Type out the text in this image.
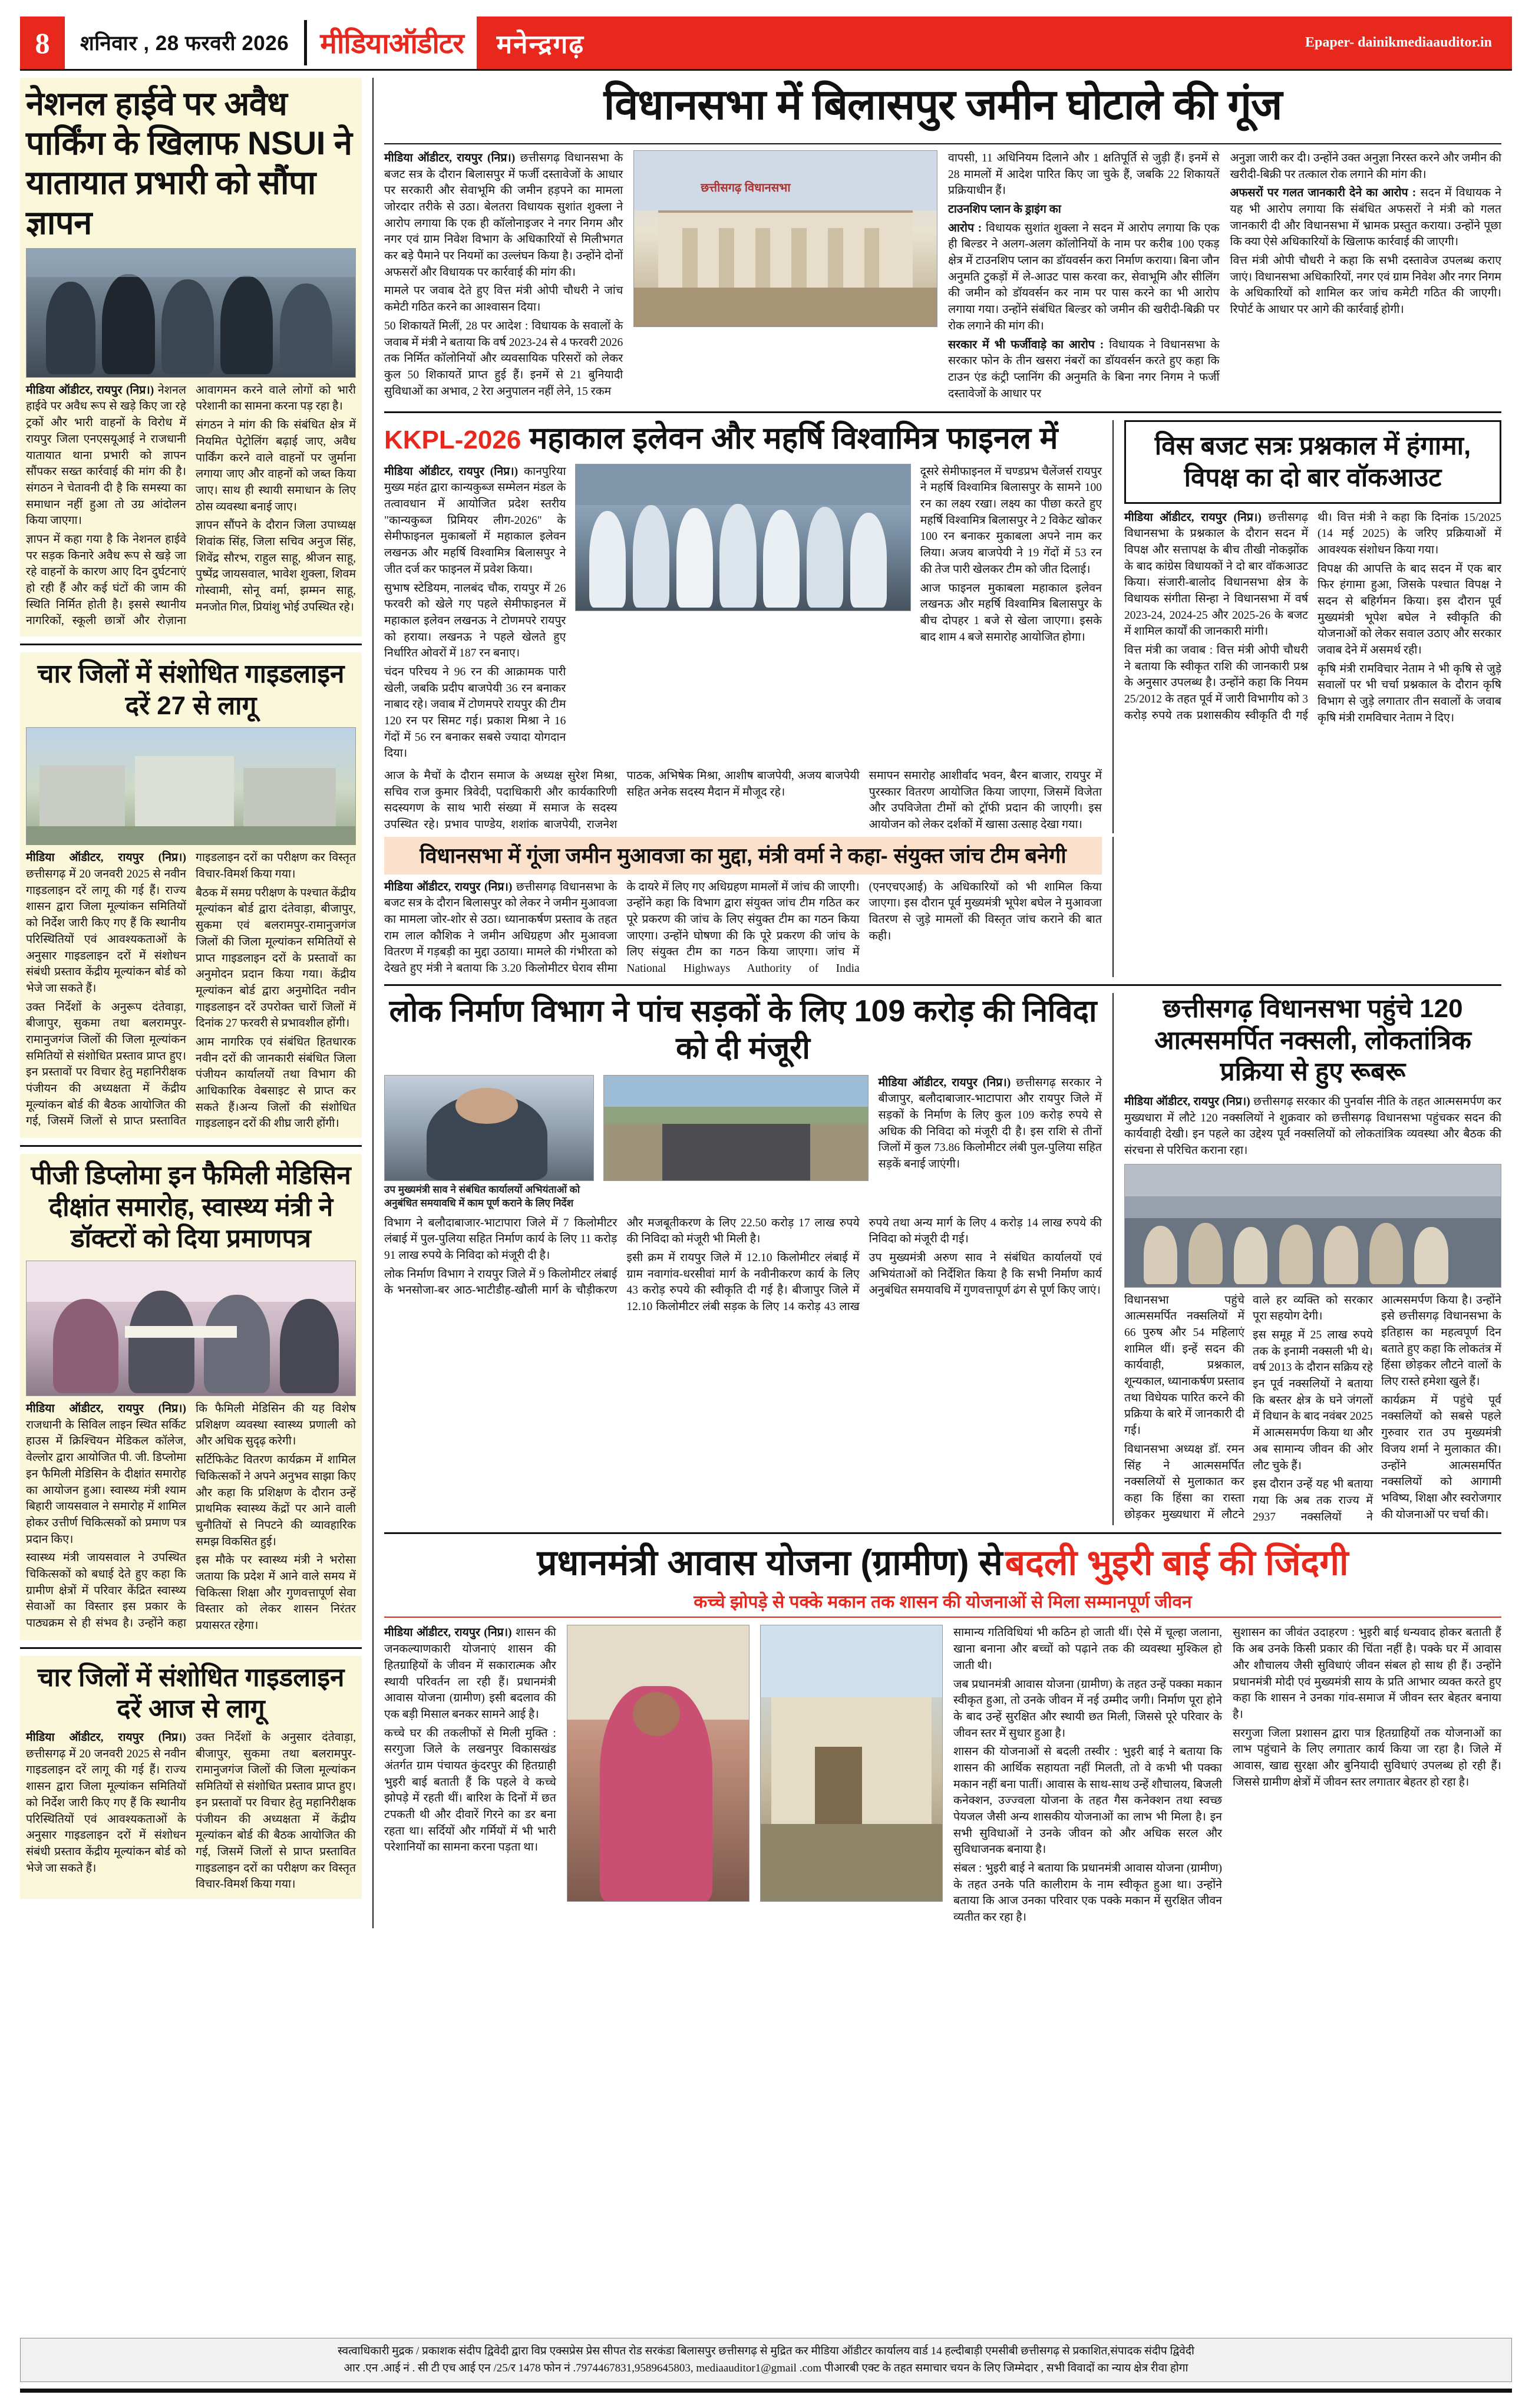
8	शनिवार , 28 फरवरी 2026	मीडियाऑडीटर	मनेन्द्रगढ़	Epaper- dainikmediaauditor.in
नेशनल हाईवे पर अवैध पार्किंग के खिलाफ NSUI ने यातायात प्रभारी को सौंपा ज्ञापन

मीडिया ऑडीटर, रायपुर (निप्र।) नेशनल हाईवे पर अवैध रूप से खड़े किए जा रहे ट्रकों और भारी वाहनों के विरोध में रायपुर जिला एनएसयूआई ने राजधानी यातायात थाना प्रभारी को ज्ञापन सौंपकर सख्त कार्रवाई की मांग की है। संगठन ने चेतावनी दी है कि समस्या का समाधान नहीं हुआ तो उग्र आंदोलन किया जाएगा।

ज्ञापन में कहा गया है कि नेशनल हाईवे पर सड़क किनारे अवैध रूप से खड़े जा रहे वाहनों के कारण आए दिन दुर्घटनाएं हो रही हैं और कई घंटों की जाम की स्थिति निर्मित होती है। इससे स्थानीय नागरिकों, स्कूली छात्रों और रोज़ाना आवागमन करने वाले लोगों को भारी परेशानी का सामना करना पड़ रहा है।

संगठन ने मांग की कि संबंधित क्षेत्र में नियमित पेट्रोलिंग बढ़ाई जाए, अवैध पार्किंग करने वाले वाहनों पर जुर्माना लगाया जाए और वाहनों को जब्त किया जाए। साथ ही स्थायी समाधान के लिए ठोस व्यवस्था बनाई जाए।

ज्ञापन सौंपने के दौरान जिला उपाध्यक्ष शिवांक सिंह, जिला सचिव अनुज सिंह, शिवेंद्र सौरभ, राहुल साहू, श्रीजन साहू, पुष्पेंद्र जायसवाल, भावेश शुक्ला, शिवम गोस्वामी, सोनू वर्मा, झम्मन साहू, मनजोत गिल, प्रियांशु भोई उपस्थित रहे।

चार जिलों में संशोधित गाइडलाइन दरें 27 से लागू

मीडिया ऑडीटर, रायपुर (निप्र।) छत्तीसगढ़ में 20 जनवरी 2025 से नवीन गाइडलाइन दरें लागू की गई हैं। राज्य शासन द्वारा जिला मूल्यांकन समितियों को निर्देश जारी किए गए हैं कि स्थानीय परिस्थितियों एवं आवश्यकताओं के अनुसार गाइडलाइन दरों में संशोधन संबंधी प्रस्ताव केंद्रीय मूल्यांकन बोर्ड को भेजे जा सकते हैं।

उक्त निर्देशों के अनुरूप दंतेवाड़ा, बीजापुर, सुकमा तथा बलरामपुर-रामानुजगंज जिलों की जिला मूल्यांकन समितियों से संशोधित प्रस्ताव प्राप्त हुए। इन प्रस्तावों पर विचार हेतु महानिरीक्षक पंजीयन की अध्यक्षता में केंद्रीय मूल्यांकन बोर्ड की बैठक आयोजित की गई, जिसमें जिलों से प्राप्त प्रस्तावित गाइडलाइन दरों का परीक्षण कर विस्तृत विचार-विमर्श किया गया।

बैठक में समग्र परीक्षण के पश्चात केंद्रीय मूल्यांकन बोर्ड द्वारा दंतेवाड़ा, बीजापुर, सुकमा एवं बलरामपुर-रामानुजगंज जिलों की जिला मूल्यांकन समितियों से प्राप्त गाइडलाइन दरों के प्रस्तावों का अनुमोदन प्रदान किया गया। केंद्रीय मूल्यांकन बोर्ड द्वारा अनुमोदित नवीन गाइडलाइन दरें उपरोक्त चारों जिलों में दिनांक 27 फरवरी से प्रभावशील होंगी।

आम नागरिक एवं संबंधित हितधारक नवीन दरों की जानकारी संबंधित जिला पंजीयन कार्यालयों तथा विभाग की आधिकारिक वेबसाइट से प्राप्त कर सकते हैं।अन्य जिलों की संशोधित गाइडलाइन दरों की शीघ्र जारी होंगी।

पीजी डिप्लोमा इन फैमिली मेडिसिन दीक्षांत समारोह, स्वास्थ्य मंत्री ने डॉक्टरों को दिया प्रमाणपत्र

मीडिया ऑडीटर, रायपुर (निप्र।) राजधानी के सिविल लाइन स्थित सर्किट हाउस में क्रिश्चियन मेडिकल कॉलेज, वेल्लोर द्वारा आयोजित पी. जी. डिप्लोमा इन फैमिली मेडिसिन के दीक्षांत समारोह का आयोजन हुआ। स्वास्थ्य मंत्री श्याम बिहारी जायसवाल ने समारोह में शामिल होकर उत्तीर्ण चिकित्सकों को प्रमाण पत्र प्रदान किए।

स्वास्थ्य मंत्री जायसवाल ने उपस्थित चिकित्सकों को बधाई देते हुए कहा कि ग्रामीण क्षेत्रों में परिवार केंद्रित स्वास्थ्य सेवाओं का विस्तार इस प्रकार के पाठ्यक्रम से ही संभव है। उन्होंने कहा कि फैमिली मेडिसिन की यह विशेष प्रशिक्षण व्यवस्था स्वास्थ्य प्रणाली को और अधिक सुदृढ़ करेगी।

सर्टिफिकेट वितरण कार्यक्रम में शामिल चिकित्सकों ने अपने अनुभव साझा किए और कहा कि प्रशिक्षण के दौरान उन्हें प्राथमिक स्वास्थ्य केंद्रों पर आने वाली चुनौतियों से निपटने की व्यावहारिक समझ विकसित हुई।

इस मौके पर स्वास्थ्य मंत्री ने भरोसा जताया कि प्रदेश में आने वाले समय में चिकित्सा शिक्षा और गुणवत्तापूर्ण सेवा विस्तार को लेकर शासन निरंतर प्रयासरत रहेगा।

चार जिलों में संशोधित गाइडलाइन दरें आज से लागू

मीडिया ऑडीटर, रायपुर (निप्र।) छत्तीसगढ़ में 20 जनवरी 2025 से नवीन गाइडलाइन दरें लागू की गई हैं। राज्य शासन द्वारा जिला मूल्यांकन समितियों को निर्देश जारी किए गए हैं कि स्थानीय परिस्थितियों एवं आवश्यकताओं के अनुसार गाइडलाइन दरों में संशोधन संबंधी प्रस्ताव केंद्रीय मूल्यांकन बोर्ड को भेजे जा सकते हैं।

उक्त निर्देशों के अनुसार दंतेवाड़ा, बीजापुर, सुकमा तथा बलरामपुर-रामानुजगंज जिलों की जिला मूल्यांकन समितियों से संशोधित प्रस्ताव प्राप्त हुए। इन प्रस्तावों पर विचार हेतु महानिरीक्षक पंजीयन की अध्यक्षता में केंद्रीय मूल्यांकन बोर्ड की बैठक आयोजित की गई, जिसमें जिलों से प्राप्त प्रस्तावित गाइडलाइन दरों का परीक्षण कर विस्तृत विचार-विमर्श किया गया।

विधानसभा में बिलासपुर जमीन घोटाले की गूंज

मीडिया ऑडीटर, रायपुर (निप्र।) छत्तीसगढ़ विधानसभा के बजट सत्र के दौरान बिलासपुर में फर्जी दस्तावेजों के आधार पर सरकारी और सेवाभूमि की जमीन हड़पने का मामला जोरदार तरीके से उठा। बेलतरा विधायक सुशांत शुक्ला ने आरोप लगाया कि एक ही कॉलोनाइजर ने नगर निगम और नगर एवं ग्राम निवेश विभाग के अधिकारियों से मिलीभगत कर बड़े पैमाने पर नियमों का उल्लंघन किया है। उन्होंने दोनों अफसरों और विधायक पर कार्रवाई की मांग की।

मामले पर जवाब देते हुए वित्त मंत्री ओपी चौधरी ने जांच कमेटी गठित करने का आश्वासन दिया।

50 शिकायतें मिलीं, 28 पर आदेश : विधायक के सवालों के जवाब में मंत्री ने बताया कि वर्ष 2023-24 से 4 फरवरी 2026 तक निर्मित कॉलोनियों और व्यवसायिक परिसरों को लेकर कुल 50 शिकायतें प्राप्त हुई हैं। इनमें से 21 बुनियादी सुविधाओं का अभाव, 2 रेरा अनुपालन नहीं लेने, 15 रकम

छत्तीसगढ़ विधानसभा

वापसी, 11 अधिनियम दिलाने और 1 क्षतिपूर्ति से जुड़ी हैं। इनमें से 28 मामलों में आदेश पारित किए जा चुके हैं, जबकि 22 शिकायतें प्रक्रियाधीन हैं।

टाउनशिप प्लान के ड्राइंग का

आरोप : विधायक सुशांत शुक्ला ने सदन में आरोप लगाया कि एक ही बिल्डर ने अलग-अलग कॉलोनियों के नाम पर करीब 100 एकड़ क्षेत्र में टाउनशिप प्लान का डॉयवर्सन करा निर्माण कराया। बिना जौन अनुमति टुकड़ों में लेे-आउट पास करवा कर, सेवाभूमि और सीलिंग की जमीन को डॉयवर्सन कर नाम पर पास करने का भी आरोप लगाया गया। उन्होंने संबंधित बिल्डर को जमीन की खरीदी-बिक्री पर रोक लगाने की मांग की।

सरकार में भी फर्जीवाड़े का आरोप : विधायक ने विधानसभा के सरकार फोन के तीन खसरा नंबरों का डॉयवर्सन करते हुए कहा कि टाउन एंड कंट्री प्लानिंग की अनुमति के बिना नगर निगम ने फर्जी दस्तावेजों के आधार पर

अनुज्ञा जारी कर दी। उन्होंने उक्त अनुज्ञा निरस्त करने और जमीन की खरीदी-बिक्री पर तत्काल रोक लगाने की मांग की।

अफसरों पर गलत जानकारी देने का आरोप : सदन में विधायक ने यह भी आरोप लगाया कि संबंधित अफसरों ने मंत्री को गलत जानकारी दी और विधानसभा में भ्रामक प्रस्तुत कराया। उन्होंने पूछा कि क्या ऐसे अधिकारियों के खिलाफ कार्रवाई की जाएगी।

वित्त मंत्री ओपी चौधरी ने कहा कि सभी दस्तावेज उपलब्ध कराए जाएं। विधानसभा अधिकारियों, नगर एवं ग्राम निवेश और नगर निगम के अधिकारियों को शामिल कर जांच कमेटी गठित की जाएगी। रिपोर्ट के आधार पर आगे की कार्रवाई होगी।

KKPL-2026 महाकाल इलेवन और महर्षि विश्वामित्र फाइनल में

मीडिया ऑडीटर, रायपुर (निप्र।) कानपुरिया मुख्य महंत द्वारा कान्यकुब्ज सम्मेलन मंडल के तत्वावधान में आयोजित प्रदेश स्तरीय "कान्यकुब्ज प्रिमियर लीग-2026" के सेमीफाइनल मुकाबलों में महाकाल इलेवन लखनऊ और महर्षि विश्वामित्र बिलासपुर ने जीत दर्ज कर फाइनल में प्रवेश किया।

सुभाष स्टेडियम, नालबंद चौक, रायपुर में 26 फरवरी को खेले गए पहले सेमीफाइनल में महाकाल इलेवन लखनऊ ने टोणमपरे रायपुर को हराया। लखनऊ ने पहले खेलते हुए निर्धारित ओवरों में 187 रन बनाए।

चंदन परिचय ने 96 रन की आक्रामक पारी खेली, जबकि प्रदीप बाजपेयी 36 रन बनाकर नाबाद रहे। जवाब में टोणमपरे रायपुर की टीम 120 रन पर सिमट गई। प्रकाश मिश्रा ने 16 गेंदों में 56 रन बनाकर सबसे ज्यादा योगदान दिया।

दूसरे सेमीफाइनल में चण्डप्रभ चैलेंजर्स रायपुर ने महर्षि विश्वामित्र बिलासपुर के सामने 100 रन का लक्ष्य रखा। लक्ष्य का पीछा करते हुए महर्षि विश्वामित्र बिलासपुर ने 2 विकेट खोकर 100 रन बनाकर मुकाबला अपने नाम कर लिया। अजय बाजपेयी ने 19 गेंदों में 53 रन की तेज पारी खेलकर टीम को जीत दिलाई।

आज फाइनल मुकाबला महाकाल इलेवन लखनऊ और महर्षि विश्वामित्र बिलासपुर के बीच दोपहर 1 बजे से खेला जाएगा। इसके बाद शाम 4 बजे समारोह आयोजित होगा।

आज के मैचों के दौरान समाज के अध्यक्ष सुरेश मिश्रा, सचिव राज कुमार त्रिवेदी, पदाधिकारी और कार्यकारिणी सदस्यगण के साथ भारी संख्या में समाज के सदस्य उपस्थित रहे। प्रभाव पाण्डेय, शशांक बाजपेयी, राजनेश पाठक, अभिषेक मिश्रा, आशीष बाजपेयी, अजय बाजपेयी सहित अनेक सदस्य मैदान में मौजूद रहे।

समापन समारोह आशीर्वाद भवन, बैरन बाजार, रायपुर में पुरस्कार वितरण आयोजित किया जाएगा, जिसमें विजेता और उपविजेता टीमों को ट्रॉफी प्रदान की जाएगी। इस आयोजन को लेकर दर्शकों में खासा उत्साह देखा गया।

विस बजट सत्रः प्रश्नकाल में हंगामा, विपक्ष का दो बार वॉकआउट

मीडिया ऑडीटर, रायपुर (निप्र।) छत्तीसगढ़ विधानसभा के प्रश्नकाल के दौरान सदन में विपक्ष और सत्तापक्ष के बीच तीखी नोकझोंक के बाद कांग्रेस विधायकों ने दो बार वॉकआउट किया। संजारी-बालोद विधानसभा क्षेत्र के विधायक संगीता सिन्हा ने विधानसभा में वर्ष 2023-24, 2024-25 और 2025-26 के बजट में शामिल कार्यों की जानकारी मांगी।

वित्त मंत्री का जवाब : वित्त मंत्री ओपी चौधरी ने बताया कि स्वीकृत राशि की जानकारी प्रश्न के अनुसार उपलब्ध है। उन्होंने कहा कि नियम 25/2012 के तहत पूर्व में जारी विभागीय को 3 करोड़ रुपये तक प्रशासकीय स्वीकृति दी गई थी। वित्त मंत्री ने कहा कि दिनांक 15/2025 (14 मई 2025) के जरिए प्रक्रियाओं में आवश्यक संशोधन किया गया।

विपक्ष की आपत्ति के बाद सदन में एक बार फिर हंगामा हुआ, जिसके पश्चात विपक्ष ने सदन से बहिर्गमन किया। इस दौरान पूर्व मुख्यमंत्री भूपेश बघेल ने स्वीकृति की योजनाओं को लेकर सवाल उठाए और सरकार जवाब देने में असमर्थ रही।

कृषि मंत्री रामविचार नेताम ने भी कृषि से जुड़े सवालों पर भी चर्चा प्रश्नकाल के दौरान कृषि विभाग से जुड़े लगातार तीन सवालों के जवाब कृषि मंत्री रामविचार नेताम ने दिए।

विधानसभा में गूंजा जमीन मुआवजा का मुद्दा, मंत्री वर्मा ने कहा- संयुक्त जांच टीम बनेगी

मीडिया ऑडीटर, रायपुर (निप्र।) छत्तीसगढ़ विधानसभा के बजट सत्र के दौरान बिलासपुर को लेकर ने जमीन मुआवजा का मामला जोर-शोर से उठा। ध्यानाकर्षण प्रस्ताव के तहत राम लाल कौशिक ने जमीन अधिग्रहण और मुआवजा वितरण में गड़बड़ी का मुद्दा उठाया। मामले की गंभीरता को देखते हुए मंत्री ने बताया कि 3.20 किलोमीटर घेराव सीमा के दायरे में लिए गए अधिग्रहण मामलों में जांच की जाएगी। उन्होंने कहा कि विभाग द्वारा संयुक्त जांच टीम गठित कर पूरे प्रकरण की जांच के लिए संयुक्त टीम का गठन किया जाएगा। उन्होंने घोषणा की कि पूरे प्रकरण की जांच के लिए संयुक्त टीम का गठन किया जाएगा। जांच में National Highways Authority of India (एनएचएआई) के अधिकारियों को भी शामिल किया जाएगा। इस दौरान पूर्व मुख्यमंत्री भूपेश बघेल ने मुआवजा वितरण से जुड़े मामलों की विस्तृत जांच कराने की बात कही।

लोक निर्माण विभाग ने पांच सड़कों के लिए 109 करोड़ की निविदा को दी मंजूरी
उप मुख्यमंत्री साव ने संबंधित कार्यालयों अभियंताओं को अनुबंधित समयावधि में काम पूर्ण कराने के लिए निर्देश

मीडिया ऑडीटर, रायपुर (निप्र।) छत्तीसगढ़ सरकार ने बीजापुर, बलौदाबाजार-भाटापारा और रायपुर जिले में सड़कों के निर्माण के लिए कुल 109 करोड़ रुपये से अधिक की निविदा को मंजूरी दी है। इस राशि से तीनों जिलों में कुल 73.86 किलोमीटर लंबी पुल-पुलिया सहित सड़कें बनाई जाएंगी।

विभाग ने बलौदाबाजार-भाटापारा जिले में 7 किलोमीटर लंबाई में पुल-पुलिया सहित निर्माण कार्य के लिए 11 करोड़ 91 लाख रुपये के निविदा को मंजूरी दी है।

लोक निर्माण विभाग ने रायपुर जिले में 9 किलोमीटर लंबाई के भनसोजा-बर आठ-भाटीडीह-खौली मार्ग के चौड़ीकरण और मजबूतीकरण के लिए 22.50 करोड़ 17 लाख रुपये की निविदा को मंजूरी भी मिली है।

इसी क्रम में रायपुर जिले में 12.10 किलोमीटर लंबाई में ग्राम नवागांव-धरसीवां मार्ग के नवीनीकरण कार्य के लिए 43 करोड़ रुपये की स्वीकृति दी गई है। बीजापुर जिले में 12.10 किलोमीटर लंबी सड़क के लिए 14 करोड़ 43 लाख रुपये तथा अन्य मार्ग के लिए 4 करोड़ 14 लाख रुपये की निविदा को मंजूरी दी गई।

उप मुख्यमंत्री अरुण साव ने संबंधित कार्यालयों एवं अभियंताओं को निर्देशित किया है कि सभी निर्माण कार्य अनुबंधित समयावधि में गुणवत्तापूर्ण ढंग से पूर्ण किए जाएं।

छत्तीसगढ़ विधानसभा पहुंचे 120 आत्मसमर्पित नक्सली, लोकतांत्रिक प्रक्रिया से हुए रूबरू

मीडिया ऑडीटर, रायपुर (निप्र।) छत्तीसगढ़ सरकार की पुनर्वास नीति के तहत आत्मसमर्पण कर मुख्यधारा में लौटे 120 नक्सलियों ने शुक्रवार को छत्तीसगढ़ विधानसभा पहुंचकर सदन की कार्यवाही देखी। इन पहले का उद्देश्य पूर्व नक्सलियों को लोकतांत्रिक व्यवस्था और बैठक की संरचना से परिचित कराना रहा।

विधानसभा पहुंचे आत्मसमर्पित नक्सलियों में 66 पुरुष और 54 महिलाएं शामिल थीं। इन्हें सदन की कार्यवाही, प्रश्नकाल, शून्यकाल, ध्यानाकर्षण प्रस्ताव तथा विधेयक पारित करने की प्रक्रिया के बारे में जानकारी दी गई।

विधानसभा अध्यक्ष डॉ. रमन सिंह ने आत्मसमर्पित नक्सलियों से मुलाकात कर कहा कि हिंसा का रास्ता छोड़कर मुख्यधारा में लौटने वाले हर व्यक्ति को सरकार पूरा सहयोग देगी।

इस समूह में 25 लाख रुपये तक के इनामी नक्सली भी थे। वर्ष 2013 के दौरान सक्रिय रहे इन पूर्व नक्सलियों ने बताया कि बस्तर क्षेत्र के घने जंगलों में विधान के बाद नवंबर 2025 में आत्मसमर्पण किया था और अब सामान्य जीवन की ओर लौट चुके हैं।

इस दौरान उन्हें यह भी बताया गया कि अब तक राज्य में 2937 नक्सलियों ने आत्मसमर्पण किया है। उन्होंने इसे छत्तीसगढ़ विधानसभा के इतिहास का महत्वपूर्ण दिन बताते हुए कहा कि लोकतंत्र में हिंसा छोड़कर लौटने वालों के लिए रास्ते हमेशा खुले हैं।

कार्यक्रम में पहुंचे पूर्व नक्सलियों को सबसे पहले गुरुवार रात उप मुख्यमंत्री विजय शर्मा ने मुलाकात की। उन्होंने आत्मसमर्पित नक्सलियों को आगामी भविष्य, शिक्षा और स्वरोजगार की योजनाओं पर चर्चा की।

प्रधानमंत्री आवास योजना (ग्रामीण) से बदली भुइरी बाई की जिंदगी
कच्चे झोपड़े से पक्के मकान तक शासन की योजनाओं से मिला सम्मानपूर्ण जीवन

मीडिया ऑडीटर, रायपुर (निप्र।) शासन की जनकल्याणकारी योजनाएं शासन की हितग्राहियों के जीवन में सकारात्मक और स्थायी परिवर्तन ला रही हैं। प्रधानमंत्री आवास योजना (ग्रामीण) इसी बदलाव की एक बड़ी मिसाल बनकर सामने आई है।

कच्चे घर की तकलीफों से मिली मुक्ति : सरगुजा जिले के लखनपुर विकासखंड अंतर्गत ग्राम पंचायत कुंदरपुर की हितग्राही भुइरी बाई बताती हैं कि पहले वे कच्चे झोपड़े में रहती थीं। बारिश के दिनों में छत टपकती थी और दीवारें गिरने का डर बना रहता था। सर्दियों और गर्मियों में भी भारी परेशानियों का सामना करना पड़ता था।

सामान्य गतिविधियां भी कठिन हो जाती थीं। ऐसे में चूल्हा जलाना, खाना बनाना और बच्चों को पढ़ाने तक की व्यवस्था मुश्किल हो जाती थी।

जब प्रधानमंत्री आवास योजना (ग्रामीण) के तहत उन्हें पक्का मकान स्वीकृत हुआ, तो उनके जीवन में नई उम्मीद जगी। निर्माण पूरा होने के बाद उन्हें सुरक्षित और स्थायी छत मिली, जिससे पूरे परिवार के जीवन स्तर में सुधार हुआ है।

शासन की योजनाओं से बदली तस्वीर : भुइरी बाई ने बताया कि शासन की आर्थिक सहायता नहीं मिलती, तो वे कभी भी पक्का मकान नहीं बना पातीं। आवास के साथ-साथ उन्हें शौचालय, बिजली कनेक्शन, उज्ज्वला योजना के तहत गैस कनेक्शन तथा स्वच्छ पेयजल जैसी अन्य शासकीय योजनाओं का लाभ भी मिला है। इन सभी सुविधाओं ने उनके जीवन को और अधिक सरल और सुविधाजनक बनाया है।

संबल : भुइरी बाई ने बताया कि प्रधानमंत्री आवास योजना (ग्रामीण) के तहत उनके पति कालीराम के नाम स्वीकृत हुआ था। उन्होंने बताया कि आज उनका परिवार एक पक्के मकान में सुरक्षित जीवन व्यतीत कर रहा है।

सुशासन का जीवंत उदाहरण : भुइरी बाई धन्यवाद होकर बताती हैं कि अब उनके किसी प्रकार की चिंता नहीं है। पक्के घर में आवास और शौचालय जैसी सुविधाएं जीवन संबल हो साथ ही हैं। उन्होंने प्रधानमंत्री मोदी एवं मुख्यमंत्री साय के प्रति आभार व्यक्त करते हुए कहा कि शासन ने उनका गांव-समाज में जीवन स्तर बेहतर बनाया है।

सरगुजा जिला प्रशासन द्वारा पात्र हितग्राहियों तक योजनाओं का लाभ पहुंचाने के लिए लगातार कार्य किया जा रहा है। जिले में आवास, खाद्य सुरक्षा और बुनियादी सुविधाएं उपलब्ध हो रही हैं। जिससे ग्रामीण क्षेत्रों में जीवन स्तर लगातार बेहतर हो रहा है।

स्वत्वाधिकारी मुद्रक / प्रकाशक संदीप द्विवेदी द्वारा विप्र एक्सप्रेस प्रेस सीपत रोड सरकंडा बिलासपुर छत्तीसगढ़ से मुद्रित कर मीडिया ऑडीटर कार्यालय वार्ड 14 हल्दीबाड़ी एमसीबी छत्तीसगढ़ से प्रकाशित,संपादक संदीप द्विवेदी
आर .एन .आई नं . सी टी एच आई एन /25/र 1478 फोन नं .7974467831,9589645803, mediaauditor1@gmail .com पीआरबी एक्ट के तहत समाचार चयन के लिए जिम्मेदार , सभी विवादों का न्याय क्षेत्र रीवा होगा
